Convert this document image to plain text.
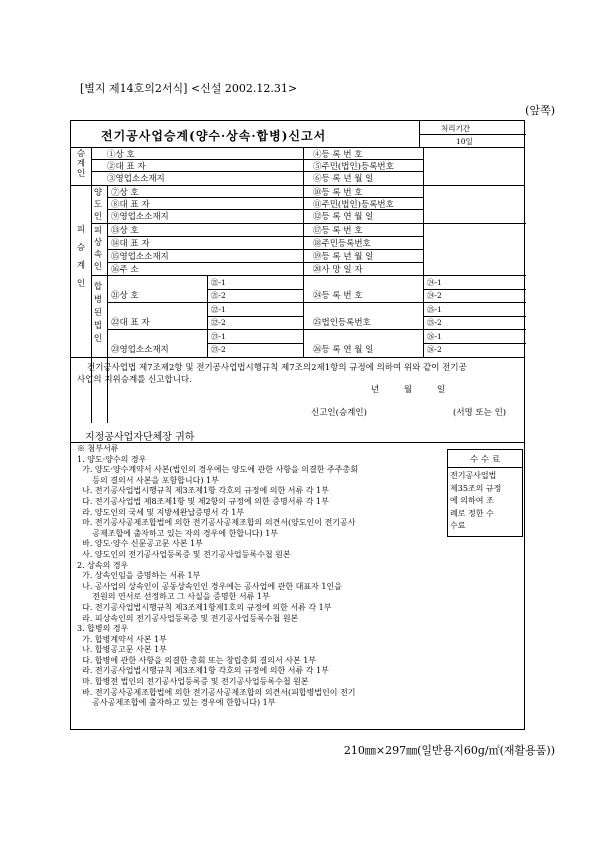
[별지 제14호의2서식] <신설 2002.12.31>
(앞쪽)
전기공사업승계(양수·상속·합병)신고서
처리기간
10일
승
계
인
①상 호
②대 표 자
③영업소소재지
④등 록 번 호
⑤주민(법인)등록번호
⑥등 록 년 월 일
피
승
계
인
양
도
인
⑦상 호
⑧대 표 자
⑨영업소소재지
⑩등 록 번 호
⑪주민(법인)등록번호
⑫등 록 연 월 일
피
상
속
인
⑬상 호
⑭대 표 자
⑮영업소소재지
⑯주 소
⑰등 록 번 호
⑱주민등록번호
⑲등 록 년 월 일
⑳사 망 일 자
합
병
된
법
인
㉑상 호
㉒대 표 자
㉓영업소소재지
㉔등 록 번 호
㉕법인등록번호
㉖등 록 연 월 일
㉑-1
㉑-2
㉒-1
㉒-2
㉓-1
㉓-2
㉔-1
㉔-2
㉕-1
㉕-2
㉖-1
㉖-2
전기공사업법 제7조제2항 및 전기공사업법시행규칙 제7조의2제1항의 규정에 의하여 위와 같이 전기공
사업의 지위승계를 신고합니다.
년 월 일
신고인(승계인)	(서명 또는 인)
지정공사업자단체장 귀하
※ 첨부서류
1. 양도·양수의 경우
가. 양도·양수계약서 사본(법인의 경우에는 양도에 관한 사항을 의결한 주주총회
등의 결의서 사본을 포함합니다) 1부
나. 전기공사업법시행규칙 제3조제1항 각호의 규정에 의한 서류 각 1부
다. 전기공사업법 제8조제1항 및 제2항의 규정에 의한 증명서류 각 1부
라. 양도인의 국세 및 지방세완납증명서 각 1부
마. 전기공사공제조합법에 의한 전기공사공제조합의 의견서(양도인이 전기공사
공제조합에 출자하고 있는 자의 경우에 한합니다) 1부
바. 양도·양수 신문공고문 사본 1부
사. 양도인의 전기공사업등록증 및 전기공사업등록수첩 원본
2. 상속의 경우
가. 상속인임을 증명하는 서류 1부
나. 공사업의 상속인이 공동상속인인 경우에는 공사업에 관한 대표자 1인을
전원의 연서로 선정하고 그 사실을 증명한 서류 1부
다. 전기공사업법시행규칙 제3조제1항제1호의 규정에 의한 서류 각 1부
라. 피상속인의 전기공사업등록증 및 전기공사업등록수첩 원본
3. 합병의 경우
가. 합병계약서 사본 1부
나. 합병공고문 사본 1부
다. 합병에 관한 사항을 의결한 총회 또는 창립총회 결의서 사본 1부
라. 전기공사업법시행규칙 제3조제1항 각호의 규정에 의한 서류 각 1부
마. 합병전 법인의 전기공사업등록증 및 전기공사업등록수첩 원본
바. 전기공사공제조합법에 의한 전기공사공제조합의 의견서(피합병법인이 전기
공사공제조합에 출자하고 있는 경우에 한합니다) 1부
수 수 료
전기공사업법
제35조의 규정
에 의하여 조
례로 정한 수
수료
210㎜×297㎜(일반용지60g/㎡(재활용품))
